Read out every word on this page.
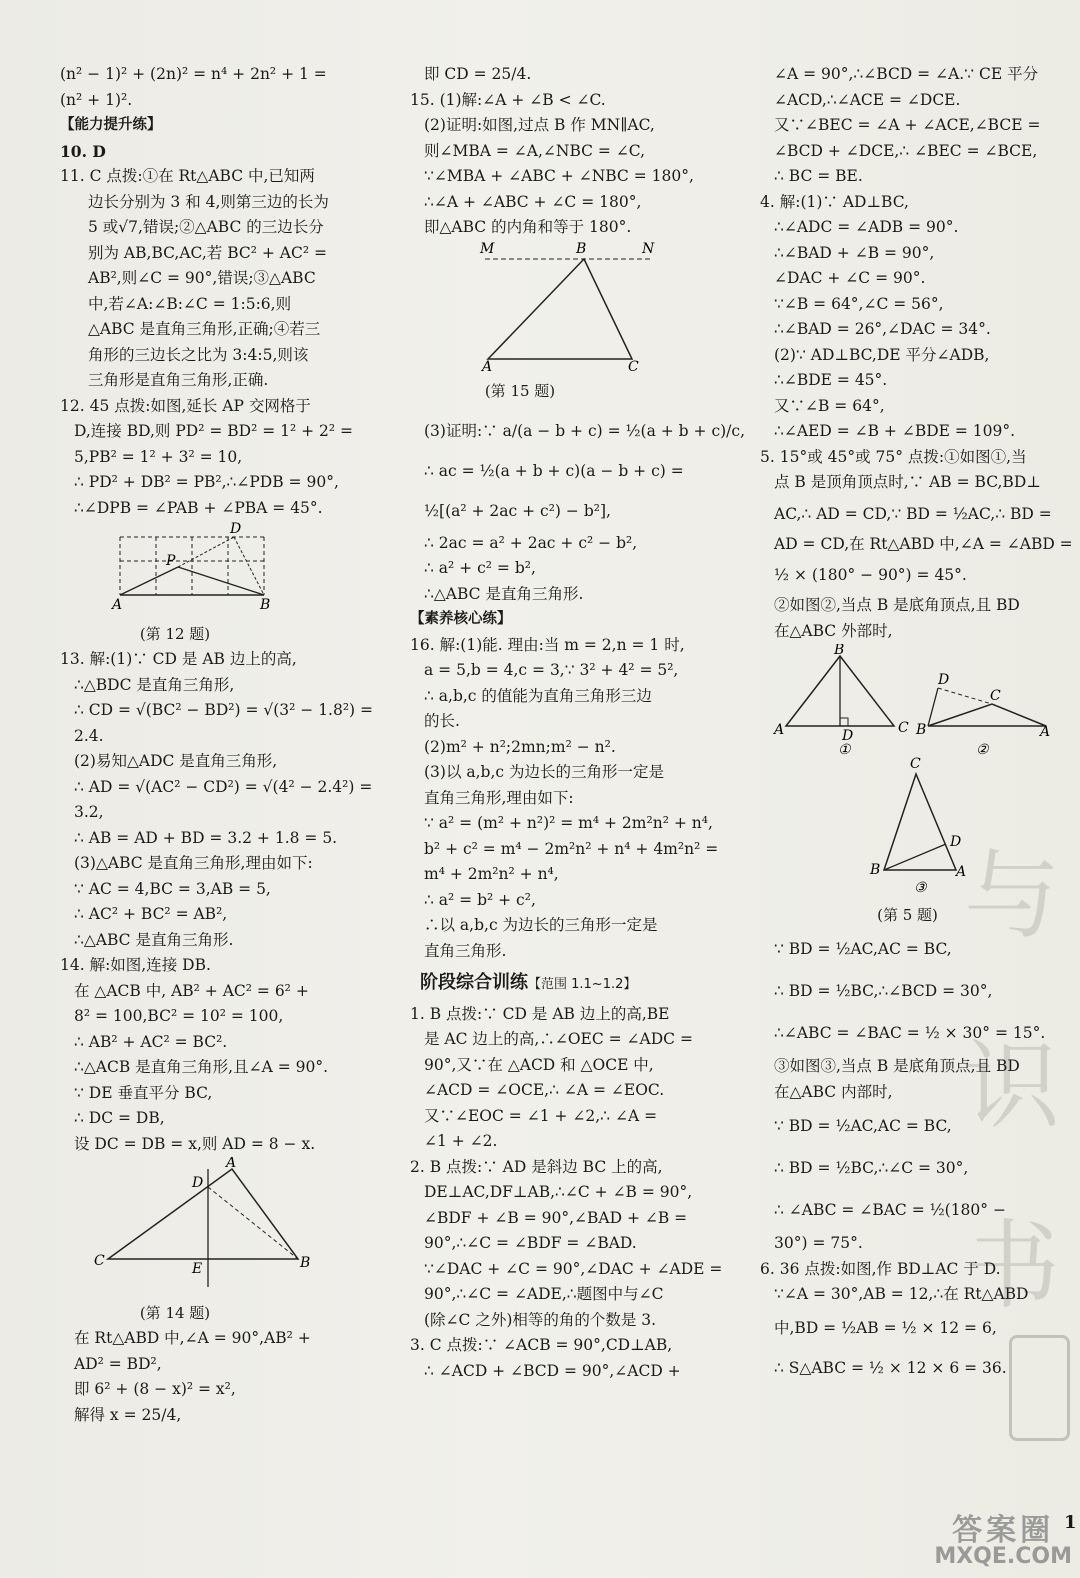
与
识
书
(n² − 1)² + (2n)² = n⁴ + 2n² + 1 =
(n² + 1)².
【能力提升练】
10. D
11. C 点拨:①在 Rt△ABC 中,已知两
边长分别为 3 和 4,则第三边的长为
5 或√7,错误;②△ABC 的三边长分
别为 AB,BC,AC,若 BC² + AC² =
AB²,则∠C = 90°,错误;③△ABC
中,若∠A:∠B:∠C = 1:5:6,则
△ABC 是直角三角形,正确;④若三
角形的三边长之比为 3:4:5,则该
三角形是直角三角形,正确.
12. 45 点拨:如图,延长 AP 交网格于
D,连接 BD,则 PD² = BD² = 1² + 2² =
5,PB² = 1² + 3² = 10,
∴ PD² + DB² = PB²,∴∠PDB = 90°,
∴∠DPB = ∠PAB + ∠PBA = 45°.
A	B
P
D
(第 12 题)
13. 解:(1)∵ CD 是 AB 边上的高,
∴△BDC 是直角三角形,
∴ CD = √(BC² − BD²) = √(3² − 1.8²) =
2.4.
(2)易知△ADC 是直角三角形,
∴ AD = √(AC² − CD²) = √(4² − 2.4²) =
3.2,
∴ AB = AD + BD = 3.2 + 1.8 = 5.
(3)△ABC 是直角三角形,理由如下:
∵ AC = 4,BC = 3,AB = 5,
∴ AC² + BC² = AB²,
∴△ABC 是直角三角形.
14. 解:如图,连接 DB.
在 △ACB 中, AB² + AC² = 6² +
8² = 100,BC² = 10² = 100,
∴ AB² + AC² = BC².
∴△ACB 是直角三角形,且∠A = 90°.
∵ DE 垂直平分 BC,
∴ DC = DB,
设 DC = DB = x,则 AD = 8 − x.
C	B
A
D
E
(第 14 题)
在 Rt△ABD 中,∠A = 90°,AB² +
AD² = BD²,
即 6² + (8 − x)² = x²,
解得 x = 25/4,
即 CD = 25/4.
15. (1)解:∠A + ∠B < ∠C.
(2)证明:如图,过点 B 作 MN∥AC,
则∠MBA = ∠A,∠NBC = ∠C,
∵∠MBA + ∠ABC + ∠NBC = 180°,
∴∠A + ∠ABC + ∠C = 180°,
即△ABC 的内角和等于 180°.
M	B	N
A	C
(第 15 题)
(3)证明:∵ a/(a − b + c) = ½(a + b + c)/c,
∴ ac = ½(a + b + c)(a − b + c) =
½[(a² + 2ac + c²) − b²],
∴ 2ac = a² + 2ac + c² − b²,
∴ a² + c² = b²,
∴△ABC 是直角三角形.
【素养核心练】
16. 解:(1)能. 理由:当 m = 2,n = 1 时,
a = 5,b = 4,c = 3,∵ 3² + 4² = 5²,
∴ a,b,c 的值能为直角三角形三边
的长.
(2)m² + n²;2mn;m² − n².
(3)以 a,b,c 为边长的三角形一定是
直角三角形,理由如下:
∵ a² = (m² + n²)² = m⁴ + 2m²n² + n⁴,
b² + c² = m⁴ − 2m²n² + n⁴ + 4m²n² =
m⁴ + 2m²n² + n⁴,
∴ a² = b² + c²,
∴以 a,b,c 为边长的三角形一定是
直角三角形.
阶段综合训练【范围 1.1~1.2】
1. B 点拨:∵ CD 是 AB 边上的高,BE
是 AC 边上的高,∴∠OEC = ∠ADC =
90°,又∵在 △ACD 和 △OCE 中,
∠ACD = ∠OCE,∴ ∠A = ∠EOC.
又∵∠EOC = ∠1 + ∠2,∴ ∠A =
∠1 + ∠2.
2. B 点拨:∵ AD 是斜边 BC 上的高,
DE⊥AC,DF⊥AB,∴∠C + ∠B = 90°,
∠BDF + ∠B = 90°,∠BAD + ∠B =
90°,∴∠C = ∠BDF = ∠BAD.
∵∠DAC + ∠C = 90°,∠DAC + ∠ADE =
90°,∴∠C = ∠ADE,∴题图中与∠C
(除∠C 之外)相等的角的个数是 3.
3. C 点拨:∵ ∠ACB = 90°,CD⊥AB,
∴ ∠ACD + ∠BCD = 90°,∠ACD +
∠A = 90°,∴∠BCD = ∠A.∵ CE 平分
∠ACD,∴∠ACE = ∠DCE.
又∵∠BEC = ∠A + ∠ACE,∠BCE =
∠BCD + ∠DCE,∴ ∠BEC = ∠BCE,
∴ BC = BE.
4. 解:(1)∵ AD⊥BC,
∴∠ADC = ∠ADB = 90°.
∴∠BAD + ∠B = 90°,
∠DAC + ∠C = 90°.
∵∠B = 64°,∠C = 56°,
∴∠BAD = 26°,∠DAC = 34°.
(2)∵ AD⊥BC,DE 平分∠ADB,
∴∠BDE = 45°.
又∵∠B = 64°,
∴∠AED = ∠B + ∠BDE = 109°.
5. 15°或 45°或 75° 点拨:①如图①,当
点 B 是顶角顶点时,∵ AB = BC,BD⊥
AC,∴ AD = CD,∵ BD = ½AC,∴ BD =
AD = CD,在 Rt△ABD 中,∠A = ∠ABD =
½ × (180° − 90°) = 45°.
②如图②,当点 B 是底角顶点,且 BD
在△ABC 外部时,
A
B
C
D
①
B	A
C
D
②
B
C
A
D
③
(第 5 题)
∵ BD = ½AC,AC = BC,
∴ BD = ½BC,∴∠BCD = 30°,
∴∠ABC = ∠BAC = ½ × 30° = 15°.
③如图③,当点 B 是底角顶点,且 BD
在△ABC 内部时,
∵ BD = ½AC,AC = BC,
∴ BD = ½BC,∴∠C = 30°,
∴ ∠ABC = ∠BAC = ½(180° −
30°) = 75°.
6. 36 点拨:如图,作 BD⊥AC 于 D.
∵∠A = 30°,AB = 12,∴在 Rt△ABD
中,BD = ½AB = ½ × 12 = 6,
∴ S△ABC = ½ × 12 × 6 = 36.
1
答案圈
MXQE.COM
